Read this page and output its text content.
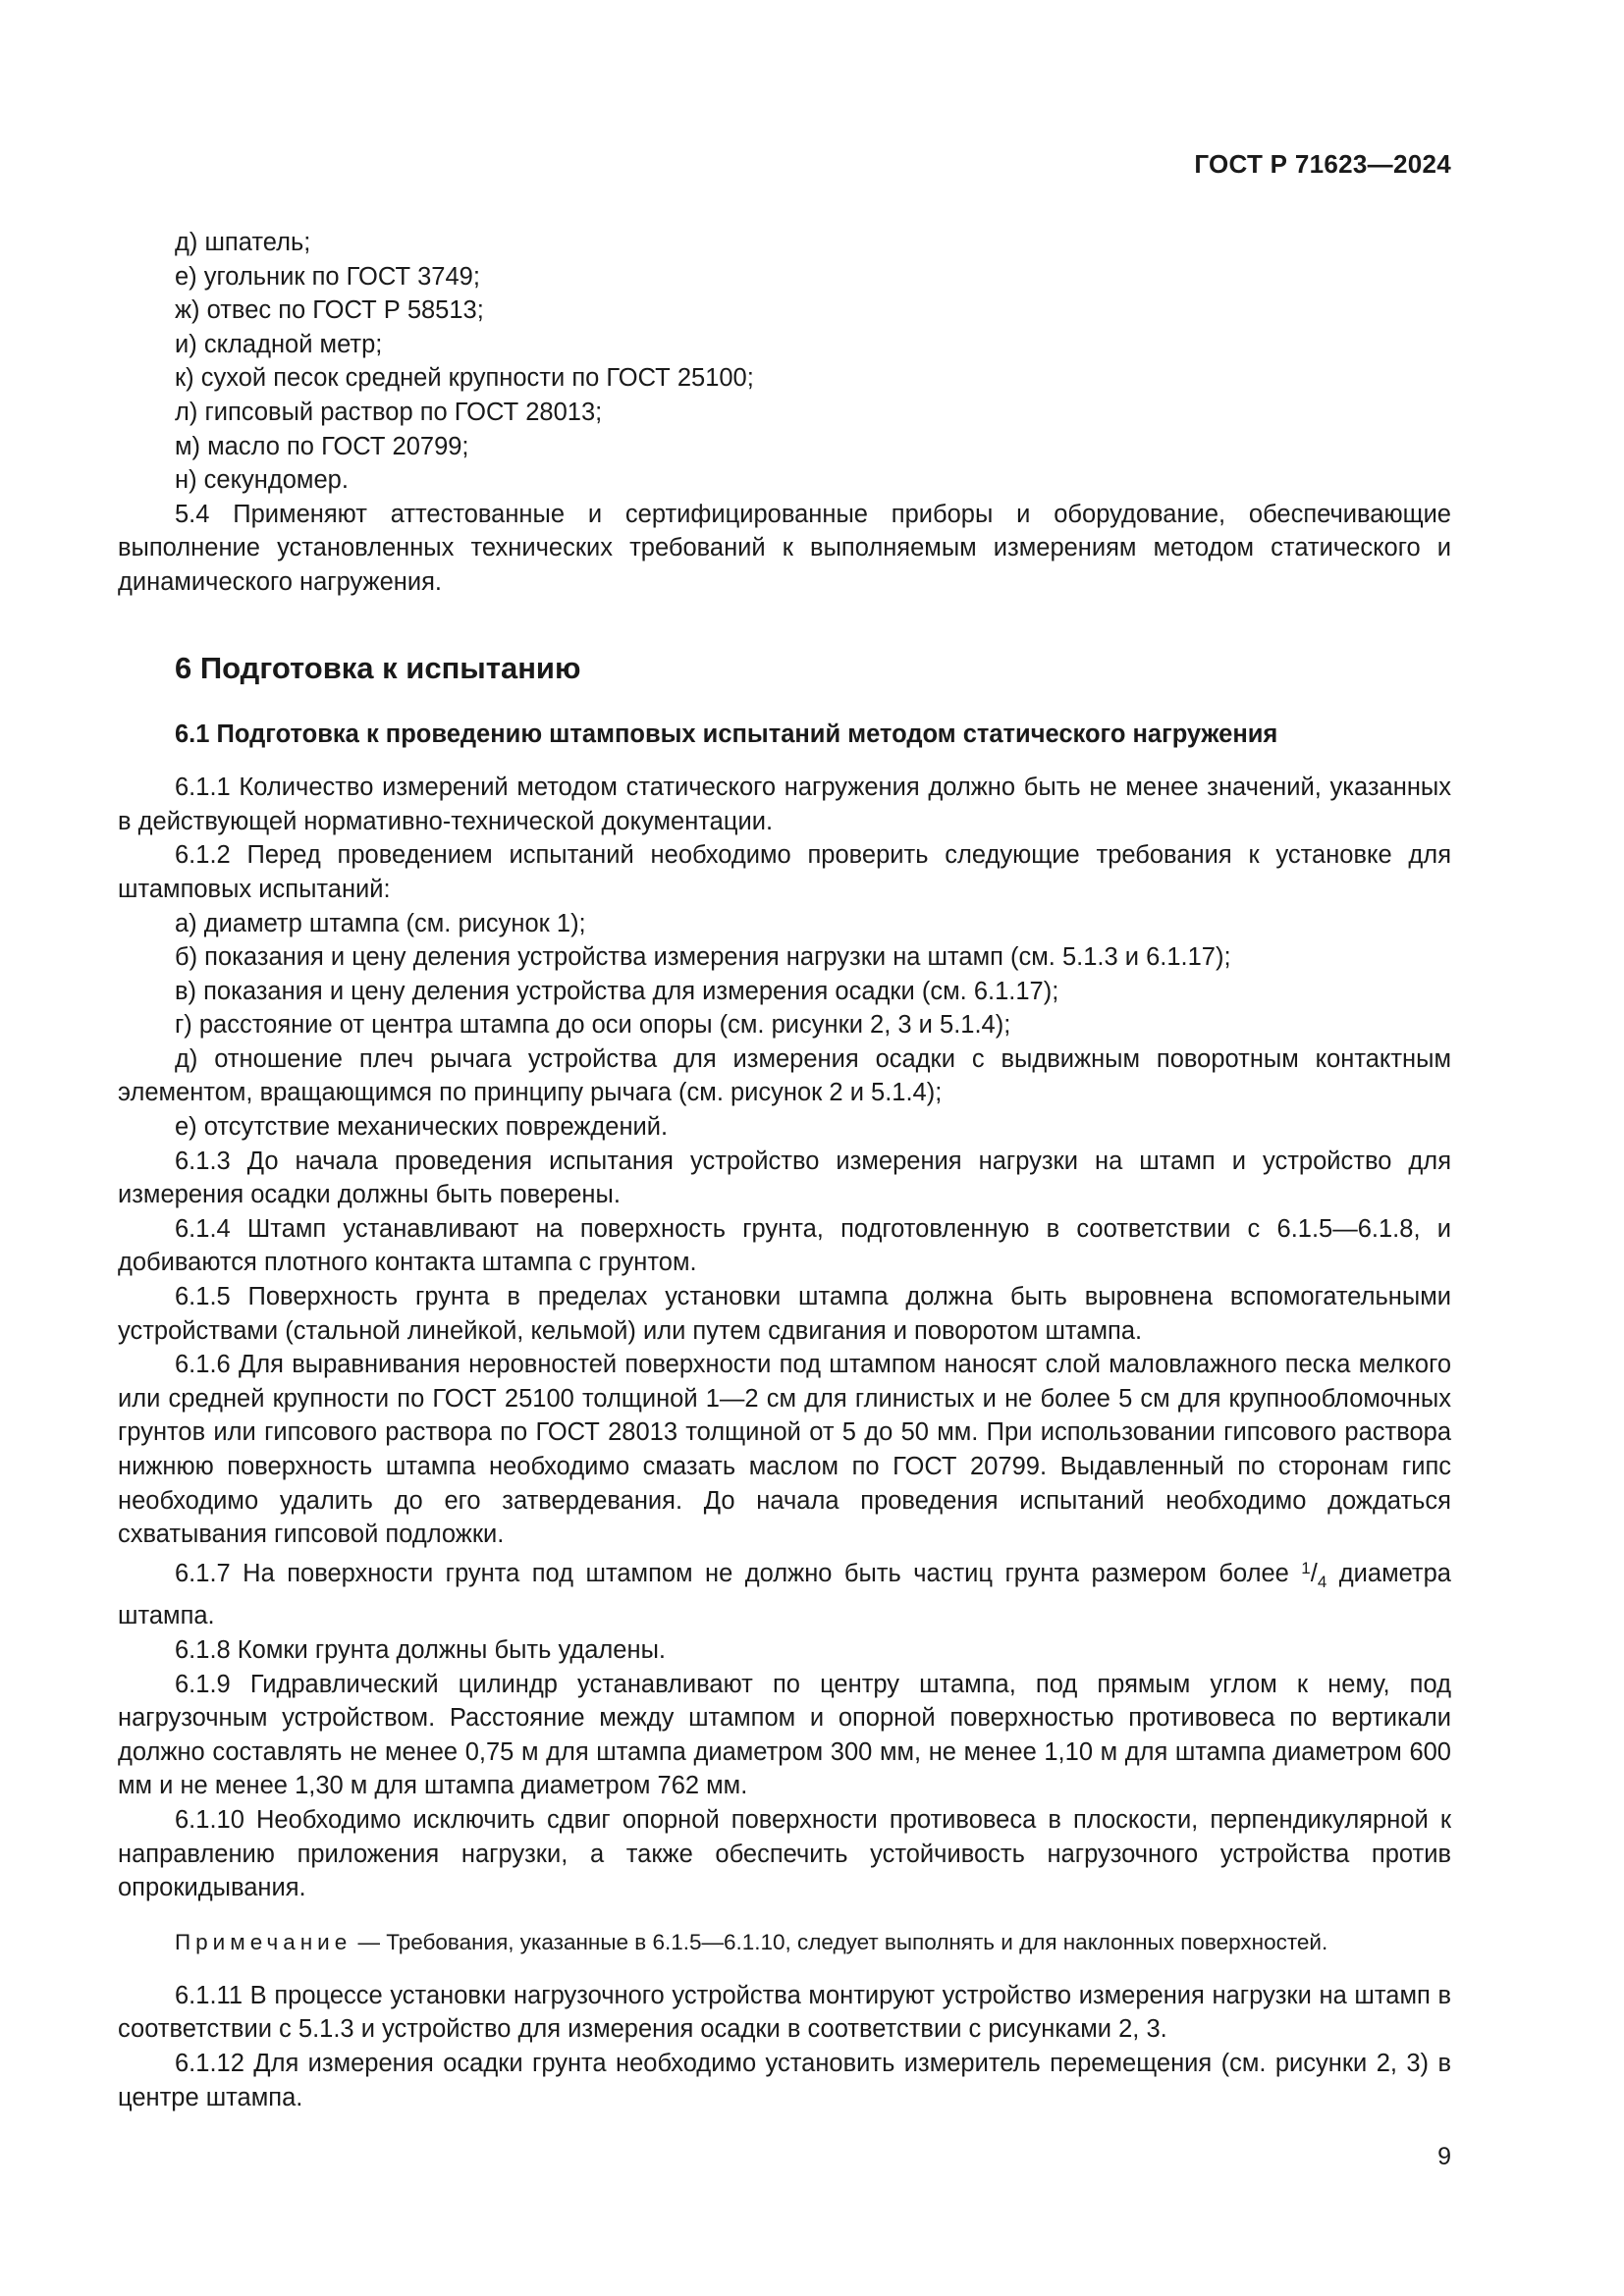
ГОСТ Р 71623—2024

д) шпатель;

е) угольник по ГОСТ 3749;

ж) отвес по ГОСТ Р 58513;

и) складной метр;

к) сухой песок средней крупности по ГОСТ 25100;

л) гипсовый раствор по ГОСТ 28013;

м) масло по ГОСТ 20799;

н) секундомер.

5.4 Применяют аттестованные и сертифицированные приборы и оборудование, обеспечивающие выполнение установленных технических требований к выполняемым измерениям методом статического и динамического нагружения.

6 Подготовка к испытанию
6.1 Подготовка к проведению штамповых испытаний методом статического нагружения

6.1.1 Количество измерений методом статического нагружения должно быть не менее значений, указанных в действующей нормативно-технической документации.

6.1.2 Перед проведением испытаний необходимо проверить следующие требования к установке для штамповых испытаний:

а) диаметр штампа (см. рисунок 1);

б) показания и цену деления устройства измерения нагрузки на штамп (см. 5.1.3 и 6.1.17);

в) показания и цену деления устройства для измерения осадки (см. 6.1.17);

г) расстояние от центра штампа до оси опоры (см. рисунки 2, 3 и 5.1.4);

д) отношение плеч рычага устройства для измерения осадки с выдвижным поворотным контактным элементом, вращающимся по принципу рычага (см. рисунок 2 и 5.1.4);

е) отсутствие механических повреждений.

6.1.3 До начала проведения испытания устройство измерения нагрузки на штамп и устройство для измерения осадки должны быть поверены.

6.1.4 Штамп устанавливают на поверхность грунта, подготовленную в соответствии с 6.1.5—6.1.8, и добиваются плотного контакта штампа с грунтом.

6.1.5 Поверхность грунта в пределах установки штампа должна быть выровнена вспомогательными устройствами (стальной линейкой, кельмой) или путем сдвигания и поворотом штампа.

6.1.6 Для выравнивания неровностей поверхности под штампом наносят слой маловлажного песка мелкого или средней крупности по ГОСТ 25100 толщиной 1—2 см для глинистых и не более 5 см для крупнообломочных грунтов или гипсового раствора по ГОСТ 28013 толщиной от 5 до 50 мм. При использовании гипсового раствора нижнюю поверхность штампа необходимо смазать маслом по ГОСТ 20799. Выдавленный по сторонам гипс необходимо удалить до его затвердевания. До начала проведения испытаний необходимо дождаться схватывания гипсовой подложки.

6.1.7 На поверхности грунта под штампом не должно быть частиц грунта размером более $^1/_4$ диаметра штампа.

6.1.8 Комки грунта должны быть удалены.

6.1.9 Гидравлический цилиндр устанавливают по центру штампа, под прямым углом к нему, под нагрузочным устройством. Расстояние между штампом и опорной поверхностью противовеса по вертикали должно составлять не менее 0,75 м для штампа диаметром 300 мм, не менее 1,10 м для штампа диаметром 600 мм и не менее 1,30 м для штампа диаметром 762 мм.

6.1.10 Необходимо исключить сдвиг опорной поверхности противовеса в плоскости, перпендикулярной к направлению приложения нагрузки, а также обеспечить устойчивость нагрузочного устройства против опрокидывания.

Примечание — Требования, указанные в 6.1.5—6.1.10, следует выполнять и для наклонных поверхностей.

6.1.11 В процессе установки нагрузочного устройства монтируют устройство измерения нагрузки на штамп в соответствии с 5.1.3 и устройство для измерения осадки в соответствии с рисунками 2, 3.

6.1.12 Для измерения осадки грунта необходимо установить измеритель перемещения (см. рисунки 2, 3) в центре штампа.

9
